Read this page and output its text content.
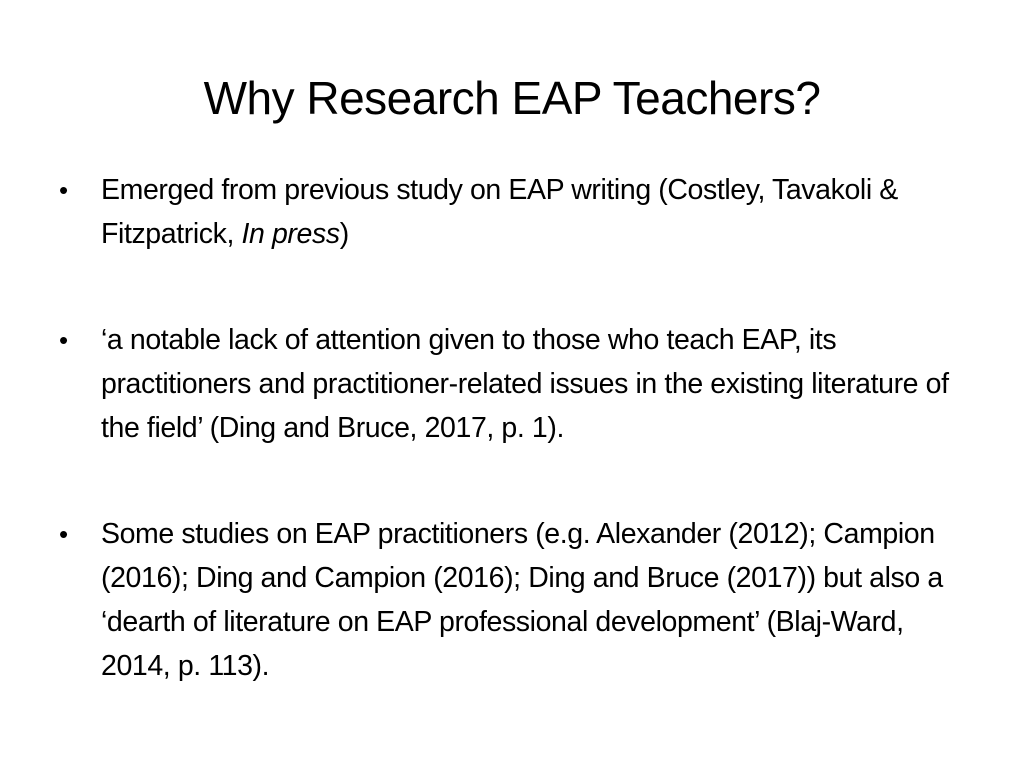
Why Research EAP Teachers?
• Emerged from previous study on EAP writing (Costley, Tavakoli & Fitzpatrick, In press)
• ‘a notable lack of attention given to those who teach EAP, its practitioners and practitioner-related issues in the existing literature of the field’ (Ding and Bruce, 2017, p. 1).
• Some studies on EAP practitioners (e.g. Alexander (2012); Campion (2016); Ding and Campion (2016); Ding and Bruce (2017)) but also a ‘dearth of literature on EAP professional development’ (Blaj-Ward, 2014, p. 113).
